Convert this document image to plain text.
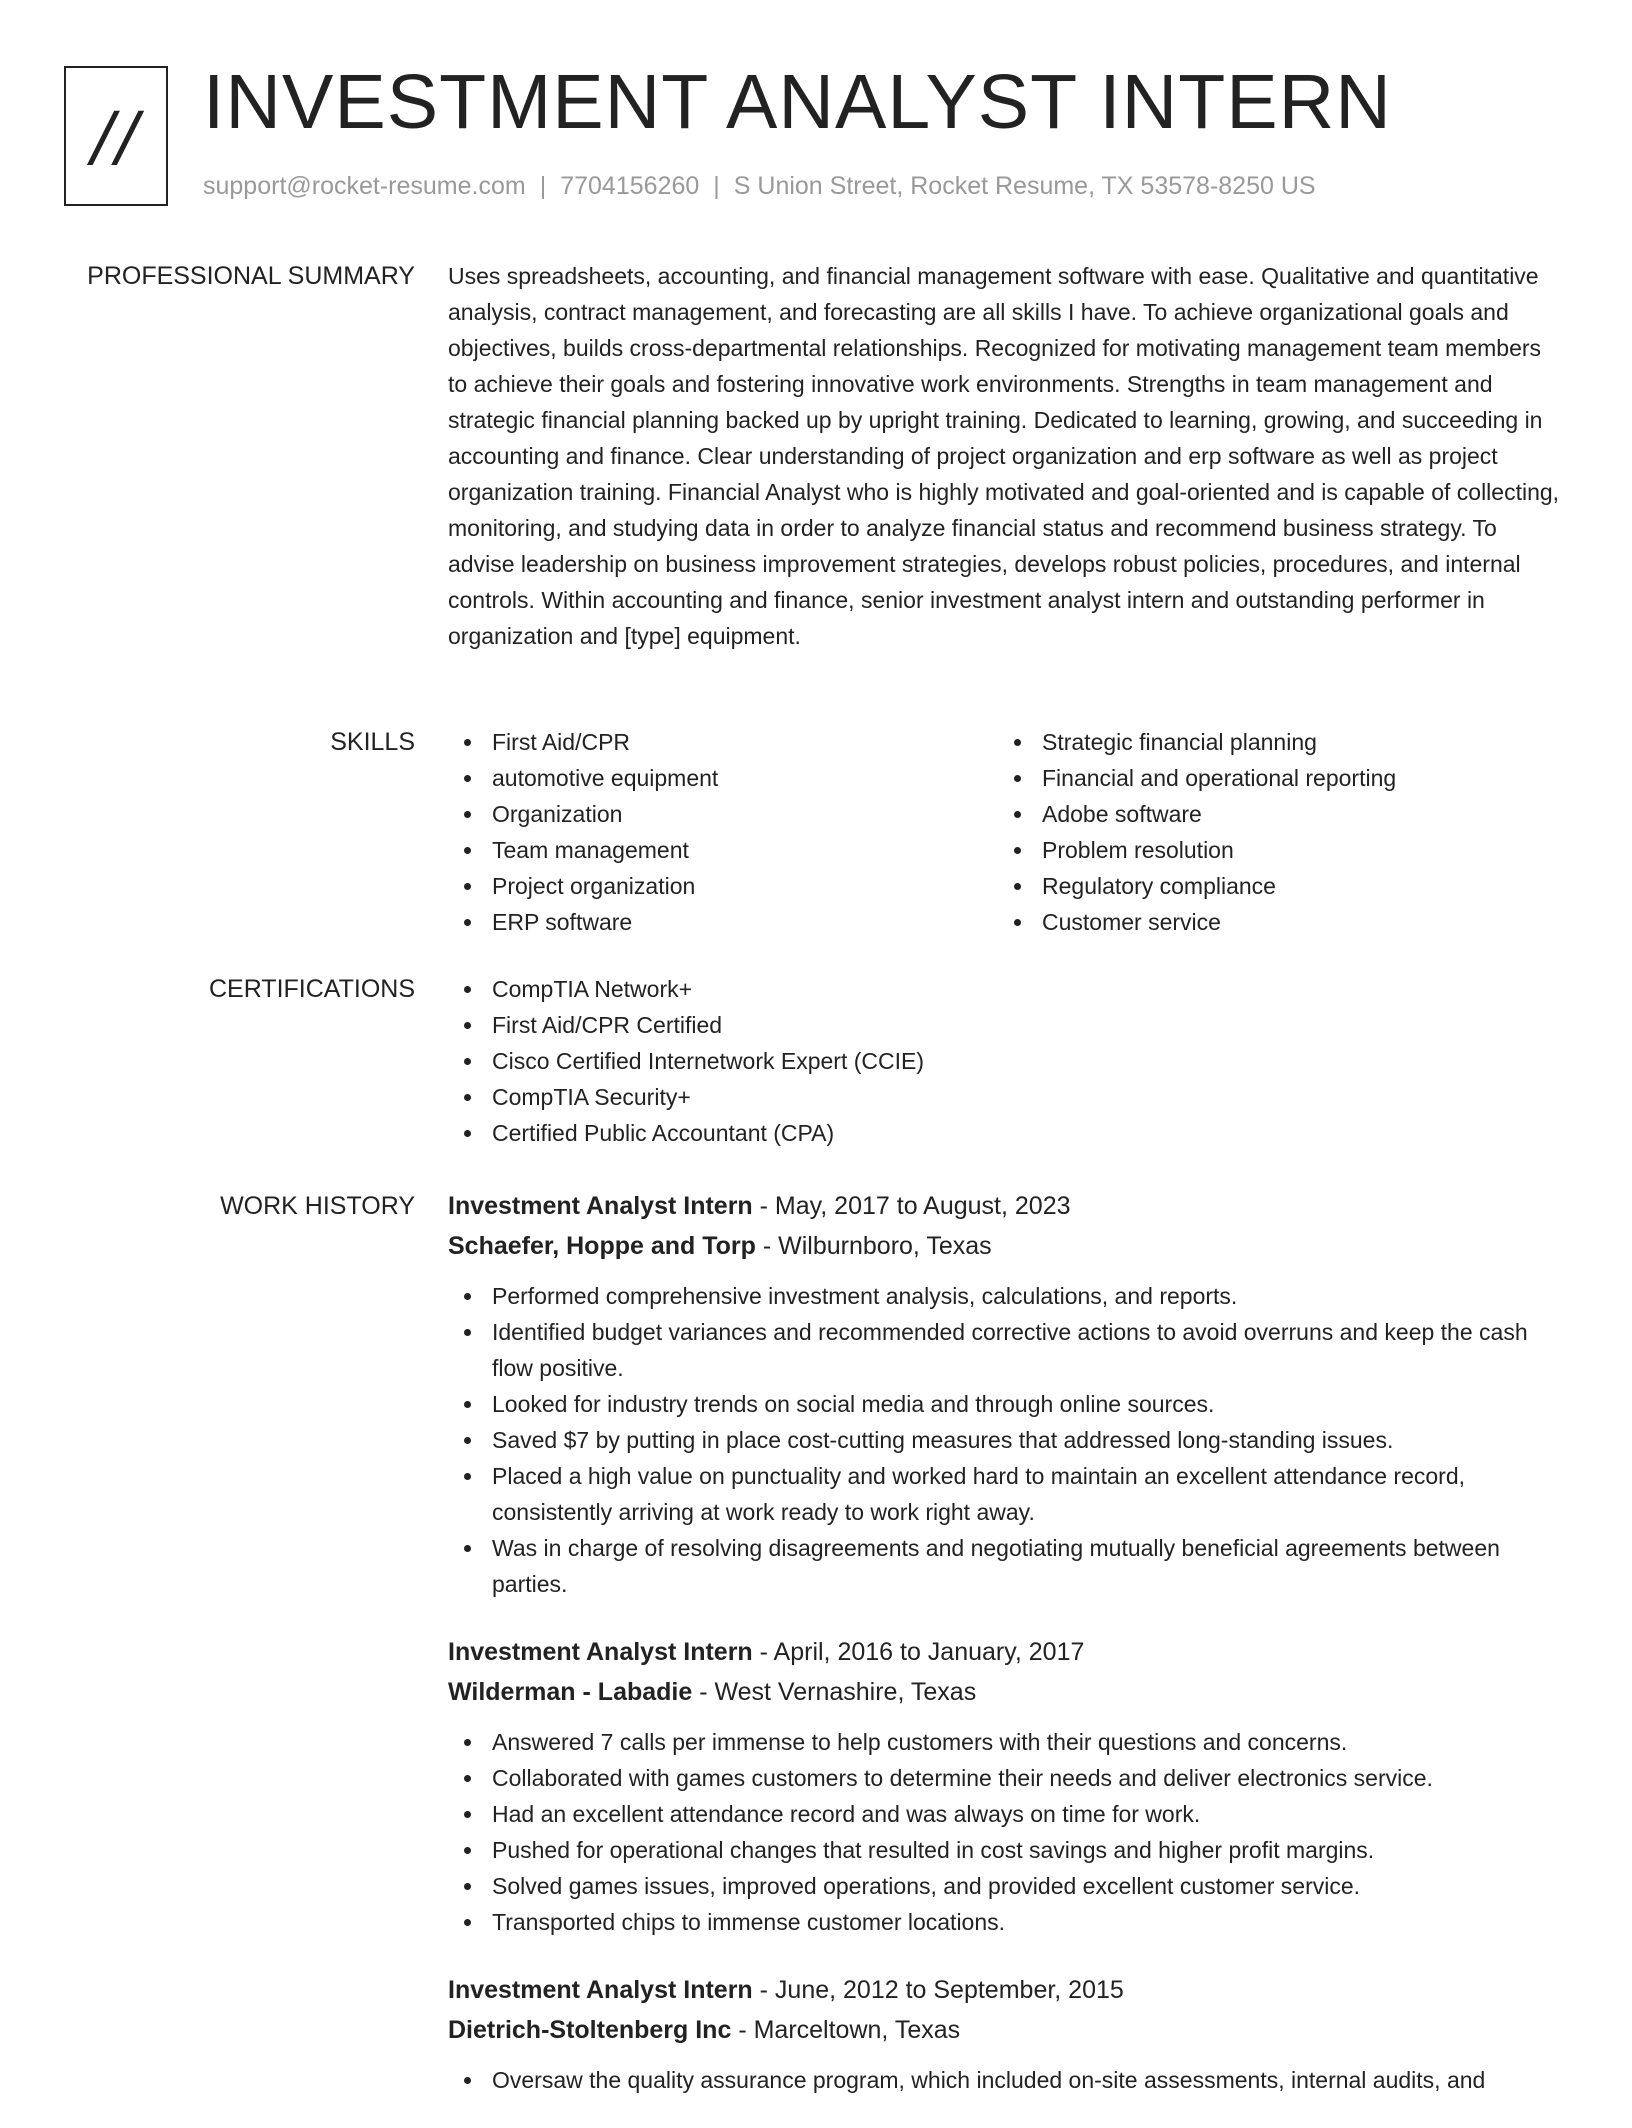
// INVESTMENT ANALYST INTERN
support@rocket-resume.com | 7704156260 | S Union Street, Rocket Resume, TX 53578-8250 US
PROFESSIONAL SUMMARY Uses spreadsheets, accounting, and financial management software with ease. Qualitative and quantitative analysis, contract management, and forecasting are all skills I have. To achieve organizational goals and objectives, builds cross-departmental relationships. Recognized for motivating management team members to achieve their goals and fostering innovative work environments. Strengths in team management and strategic financial planning backed up by upright training. Dedicated to learning, growing, and succeeding in accounting and finance. Clear understanding of project organization and erp software as well as project organization training. Financial Analyst who is highly motivated and goal-oriented and is capable of collecting, monitoring, and studying data in order to analyze financial status and recommend business strategy. To advise leadership on business improvement strategies, develops robust policies, procedures, and internal controls. Within accounting and finance, senior investment analyst intern and outstanding performer in organization and [type] equipment.
SKILLS	First Aid/CPR
automotive equipment
Organization
Team management
Project organization
ERP software
Strategic financial planning
Financial and operational reporting
Adobe software
Problem resolution
Regulatory compliance
Customer service
CERTIFICATIONS	CompTIA Network+
First Aid/CPR Certified
Cisco Certified Internetwork Expert (CCIE)
CompTIA Security+
Certified Public Accountant (CPA)
WORK HISTORY Investment Analyst Intern - May, 2017 to August, 2023
Schaefer, Hoppe and Torp - Wilburnboro, Texas
Performed comprehensive investment analysis, calculations, and reports.
Identified budget variances and recommended corrective actions to avoid overruns and keep the cash flow positive.
Looked for industry trends on social media and through online sources.
Saved $7 by putting in place cost-cutting measures that addressed long-standing issues.
Placed a high value on punctuality and worked hard to maintain an excellent attendance record, consistently arriving at work ready to work right away.
Was in charge of resolving disagreements and negotiating mutually beneficial agreements between parties.
Investment Analyst Intern - April, 2016 to January, 2017
Wilderman - Labadie - West Vernashire, Texas
Answered 7 calls per immense to help customers with their questions and concerns.
Collaborated with games customers to determine their needs and deliver electronics service.
Had an excellent attendance record and was always on time for work.
Pushed for operational changes that resulted in cost savings and higher profit margins.
Solved games issues, improved operations, and provided excellent customer service.
Transported chips to immense customer locations.
Investment Analyst Intern - June, 2012 to September, 2015
Dietrich-Stoltenberg Inc - Marceltown, Texas
Oversaw the quality assurance program, which included on-site assessments, internal audits, and
